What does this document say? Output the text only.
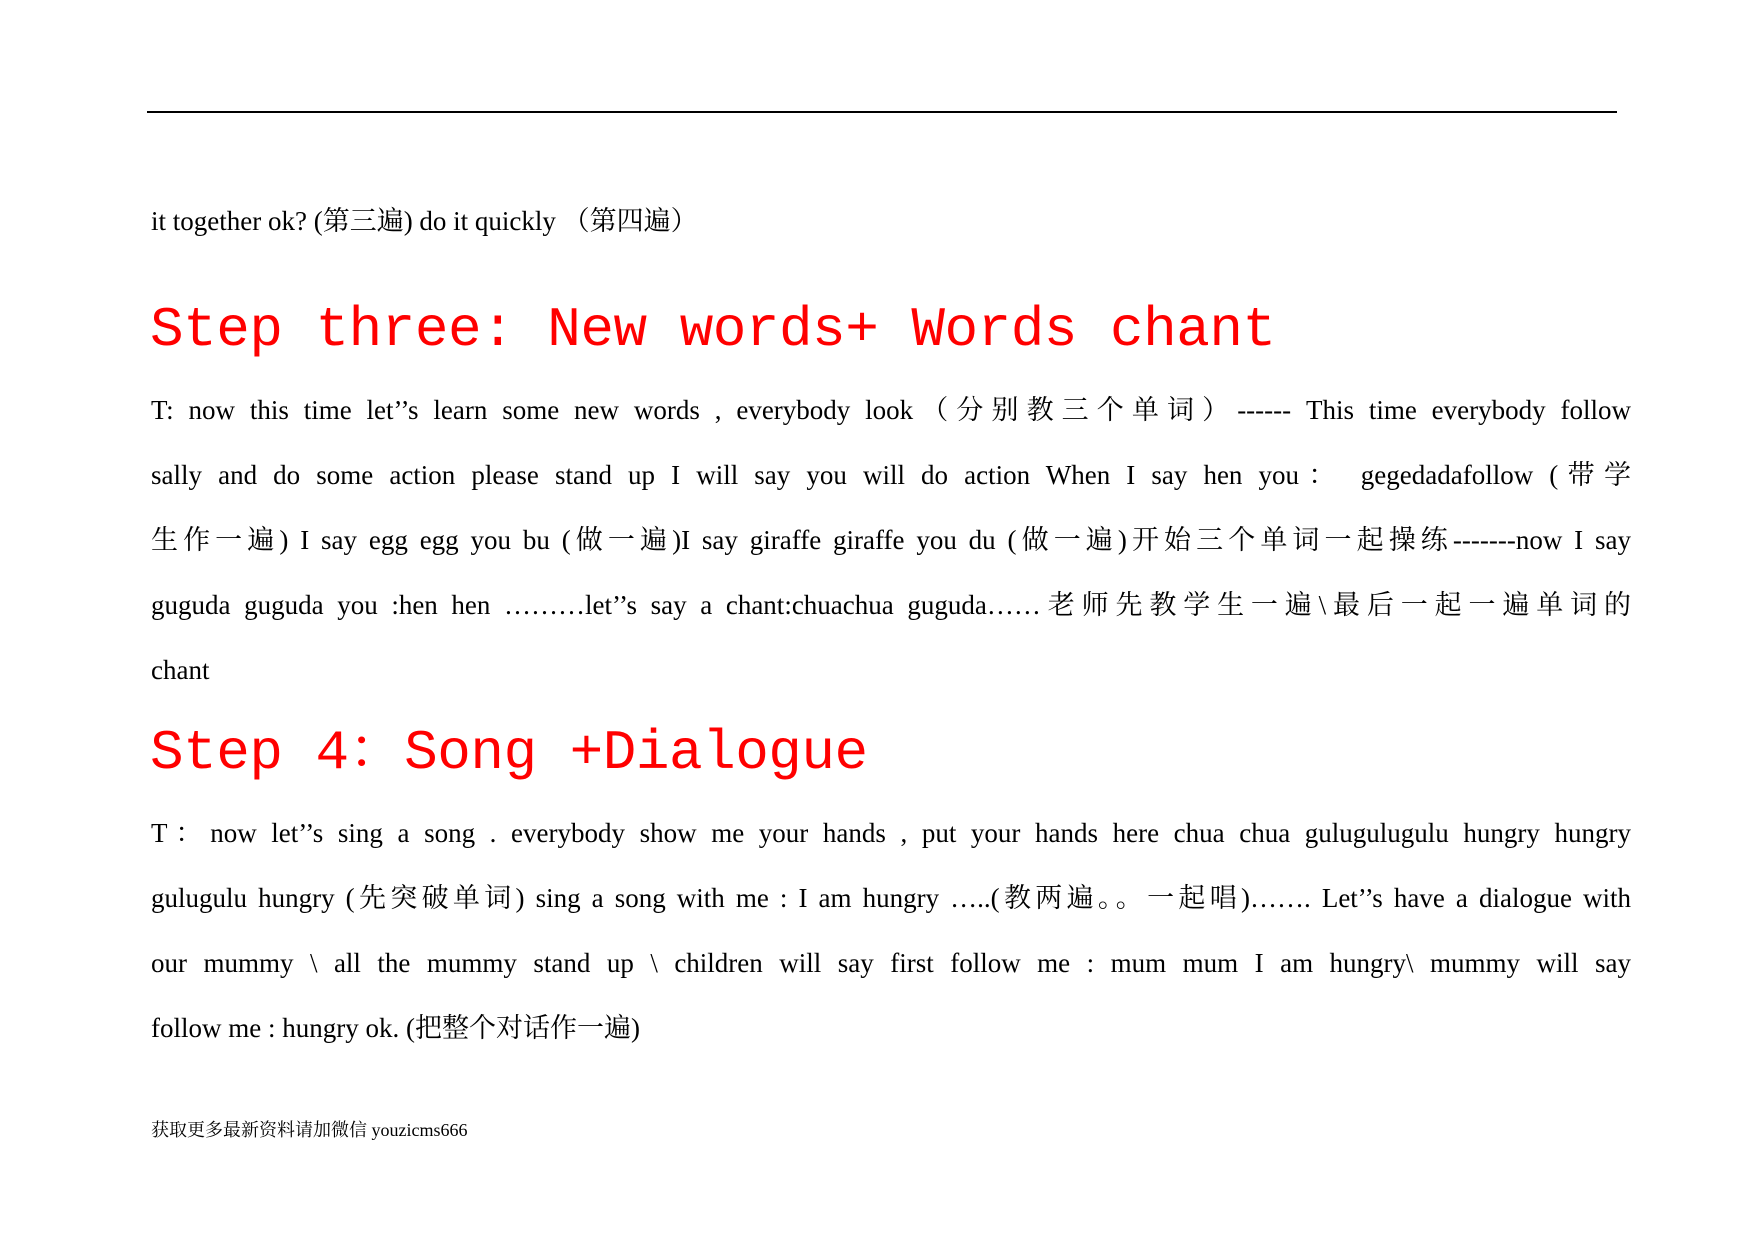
it together ok? (第三遍) do it quickly （第四遍）
Step three: New words+ Words chant
T: now this time let’’s learn some new words , everybody look（分别教三个单词）------ This time everybody follow
sally and do some action please stand up I will say you will do action When I say hen you： gegedadafollow (带学
生作一遍) I say egg egg you bu (做一遍)I say giraffe giraffe you du (做一遍)开始三个单词一起操练-------now I say
guguda guguda you :hen hen ………let’’s say a chant:chuachua guguda……老师先教学生一遍\最后一起一遍单词的
chant
Step 4：Song +Dialogue
T：now let’’s sing a song . everybody show me your hands , put your hands here chua chua gulugulugulu hungry hungry
gulugulu hungry (先突破单词) sing a song with me : I am hungry …..(教两遍。。一起唱)……. Let’’s have a dialogue with
our mummy \ all the mummy stand up \ children will say first follow me : mum mum I am hungry\ mummy will say
follow me : hungry ok. (把整个对话作一遍)
获取更多最新资料请加微信 youzicms666
